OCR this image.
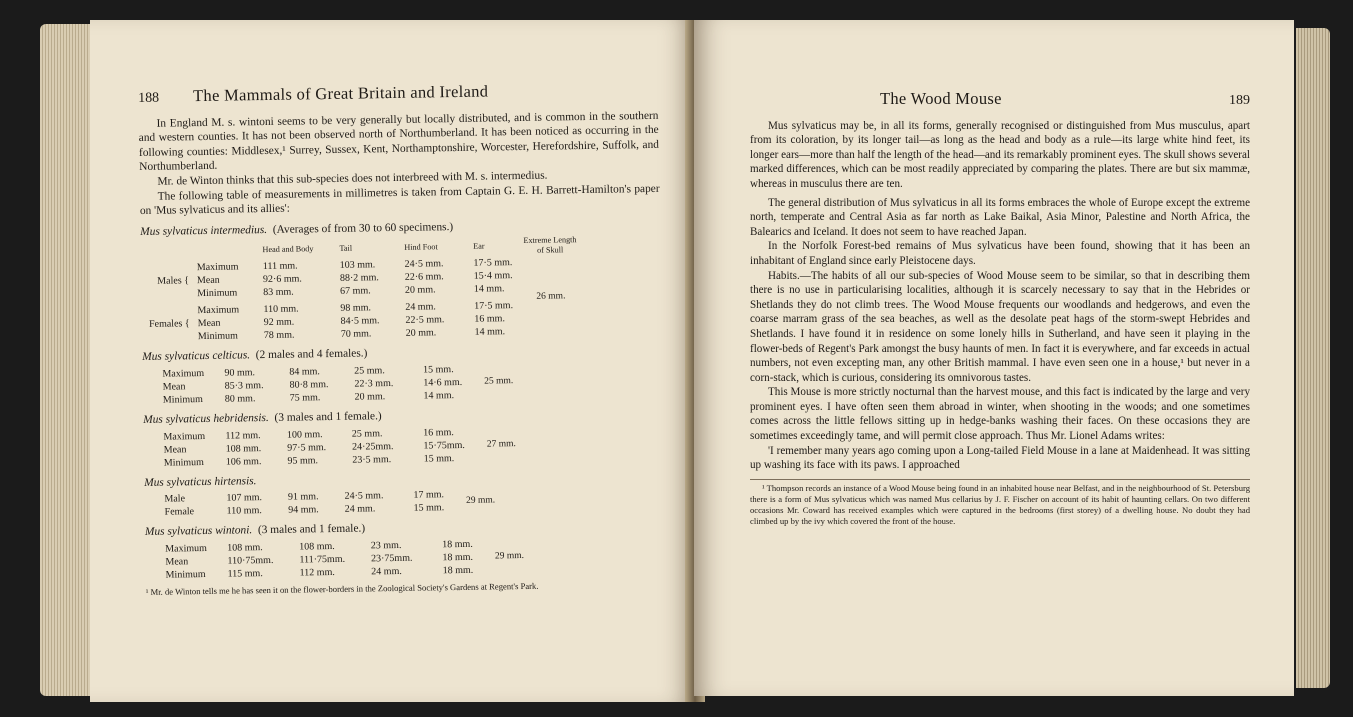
188 The Mammals of Great Britain and Ireland

In England M. s. wintoni seems to be very generally but locally distributed, and is common in the southern and western counties. It has not been observed north of Northumberland. It has been noticed as occurring in the following counties: Middlesex,¹ Surrey, Sussex, Kent, Northamptonshire, Worcester, Herefordshire, Suffolk, and Northumberland.

Mr. de Winton thinks that this sub-species does not interbreed with M. s. intermedius.

The following table of measurements in millimetres is taken from Captain G. E. H. Barrett-Hamilton's paper on 'Mus sylvaticus and its allies':

Mus sylvaticus intermedius. (Averages of from 30 to 60 specimens.)
		Head and Body	Tail	Hind Foot	Ear	Extreme Length of Skull
Males {	Maximum	111 mm.	103 mm.	24·5 mm.	17·5 mm.	26 mm.
	Mean	92·6 mm.	88·2 mm.	22·6 mm.	15·4 mm.	
	Minimum	83 mm.	67 mm.	20 mm.	14 mm.	
Females {	Maximum	110 mm.	98 mm.	24 mm.	17·5 mm.	
	Mean	92 mm.	84·5 mm.	22·5 mm.	16 mm.	
	Minimum	78 mm.	70 mm.	20 mm.	14 mm.	
Mus sylvaticus celticus. (2 males and 4 females.)
Maximum	90 mm.	84 mm.	25 mm.	15 mm.	25 mm.
Mean	85·3 mm.	80·8 mm.	22·3 mm.	14·6 mm.	
Minimum	80 mm.	75 mm.	20 mm.	14 mm.	
Mus sylvaticus hebridensis. (3 males and 1 female.)
Maximum	112 mm.	100 mm.	25 mm.	16 mm.	27 mm.
Mean	108 mm.	97·5 mm.	24·25mm.	15·75mm.	
Minimum	106 mm.	95 mm.	23·5 mm.	15 mm.	
Mus sylvaticus hirtensis.
Male	107 mm.	91 mm.	24·5 mm.	17 mm.	29 mm.
Female	110 mm.	94 mm.	24 mm.	15 mm.	
Mus sylvaticus wintoni. (3 males and 1 female.)
Maximum	108 mm.	108 mm.	23 mm.	18 mm.	29 mm.
Mean	110·75mm.	111·75mm.	23·75mm.	18 mm.	
Minimum	115 mm.	112 mm.	24 mm.	18 mm.	

¹ Mr. de Winton tells me he has seen it on the flower-borders in the Zoological Society's Gardens at Regent's Park.

The Wood Mouse	189

Mus sylvaticus may be, in all its forms, generally recognised or distinguished from Mus musculus, apart from its coloration, by its longer tail—as long as the head and body as a rule—its large white hind feet, its longer ears—more than half the length of the head—and its remarkably prominent eyes. The skull shows several marked differences, which can be most readily appreciated by comparing the plates. There are but six mammæ, whereas in musculus there are ten.

The general distribution of Mus sylvaticus in all its forms embraces the whole of Europe except the extreme north, temperate and Central Asia as far north as Lake Baikal, Asia Minor, Palestine and North Africa, the Balearics and Iceland. It does not seem to have reached Japan.

In the Norfolk Forest-bed remains of Mus sylvaticus have been found, showing that it has been an inhabitant of England since early Pleistocene days.

Habits.—The habits of all our sub-species of Wood Mouse seem to be similar, so that in describing them there is no use in particularising localities, although it is scarcely necessary to say that in the Hebrides or Shetlands they do not climb trees. The Wood Mouse frequents our woodlands and hedgerows, and even the coarse marram grass of the sea beaches, as well as the desolate peat hags of the storm-swept Hebrides and Shetlands. I have found it in residence on some lonely hills in Sutherland, and have seen it playing in the flower-beds of Regent's Park amongst the busy haunts of men. In fact it is everywhere, and far exceeds in actual numbers, not even excepting man, any other British mammal. I have even seen one in a house,¹ but never in a corn-stack, which is curious, considering its omnivorous tastes.

This Mouse is more strictly nocturnal than the harvest mouse, and this fact is indicated by the large and very prominent eyes. I have often seen them abroad in winter, when shooting in the woods; and one sometimes comes across the little fellows sitting up in hedge-banks washing their faces. On these occasions they are sometimes exceedingly tame, and will permit close approach. Thus Mr. Lionel Adams writes:

'I remember many years ago coming upon a Long-tailed Field Mouse in a lane at Maidenhead. It was sitting up washing its face with its paws. I approached

¹ Thompson records an instance of a Wood Mouse being found in an inhabited house near Belfast, and in the neighbourhood of St. Petersburg there is a form of Mus sylvaticus which was named Mus cellarius by J. F. Fischer on account of its habit of haunting cellars. On two different occasions Mr. Coward has received examples which were captured in the bedrooms (first storey) of a dwelling house. No doubt they had climbed up by the ivy which covered the front of the house.
